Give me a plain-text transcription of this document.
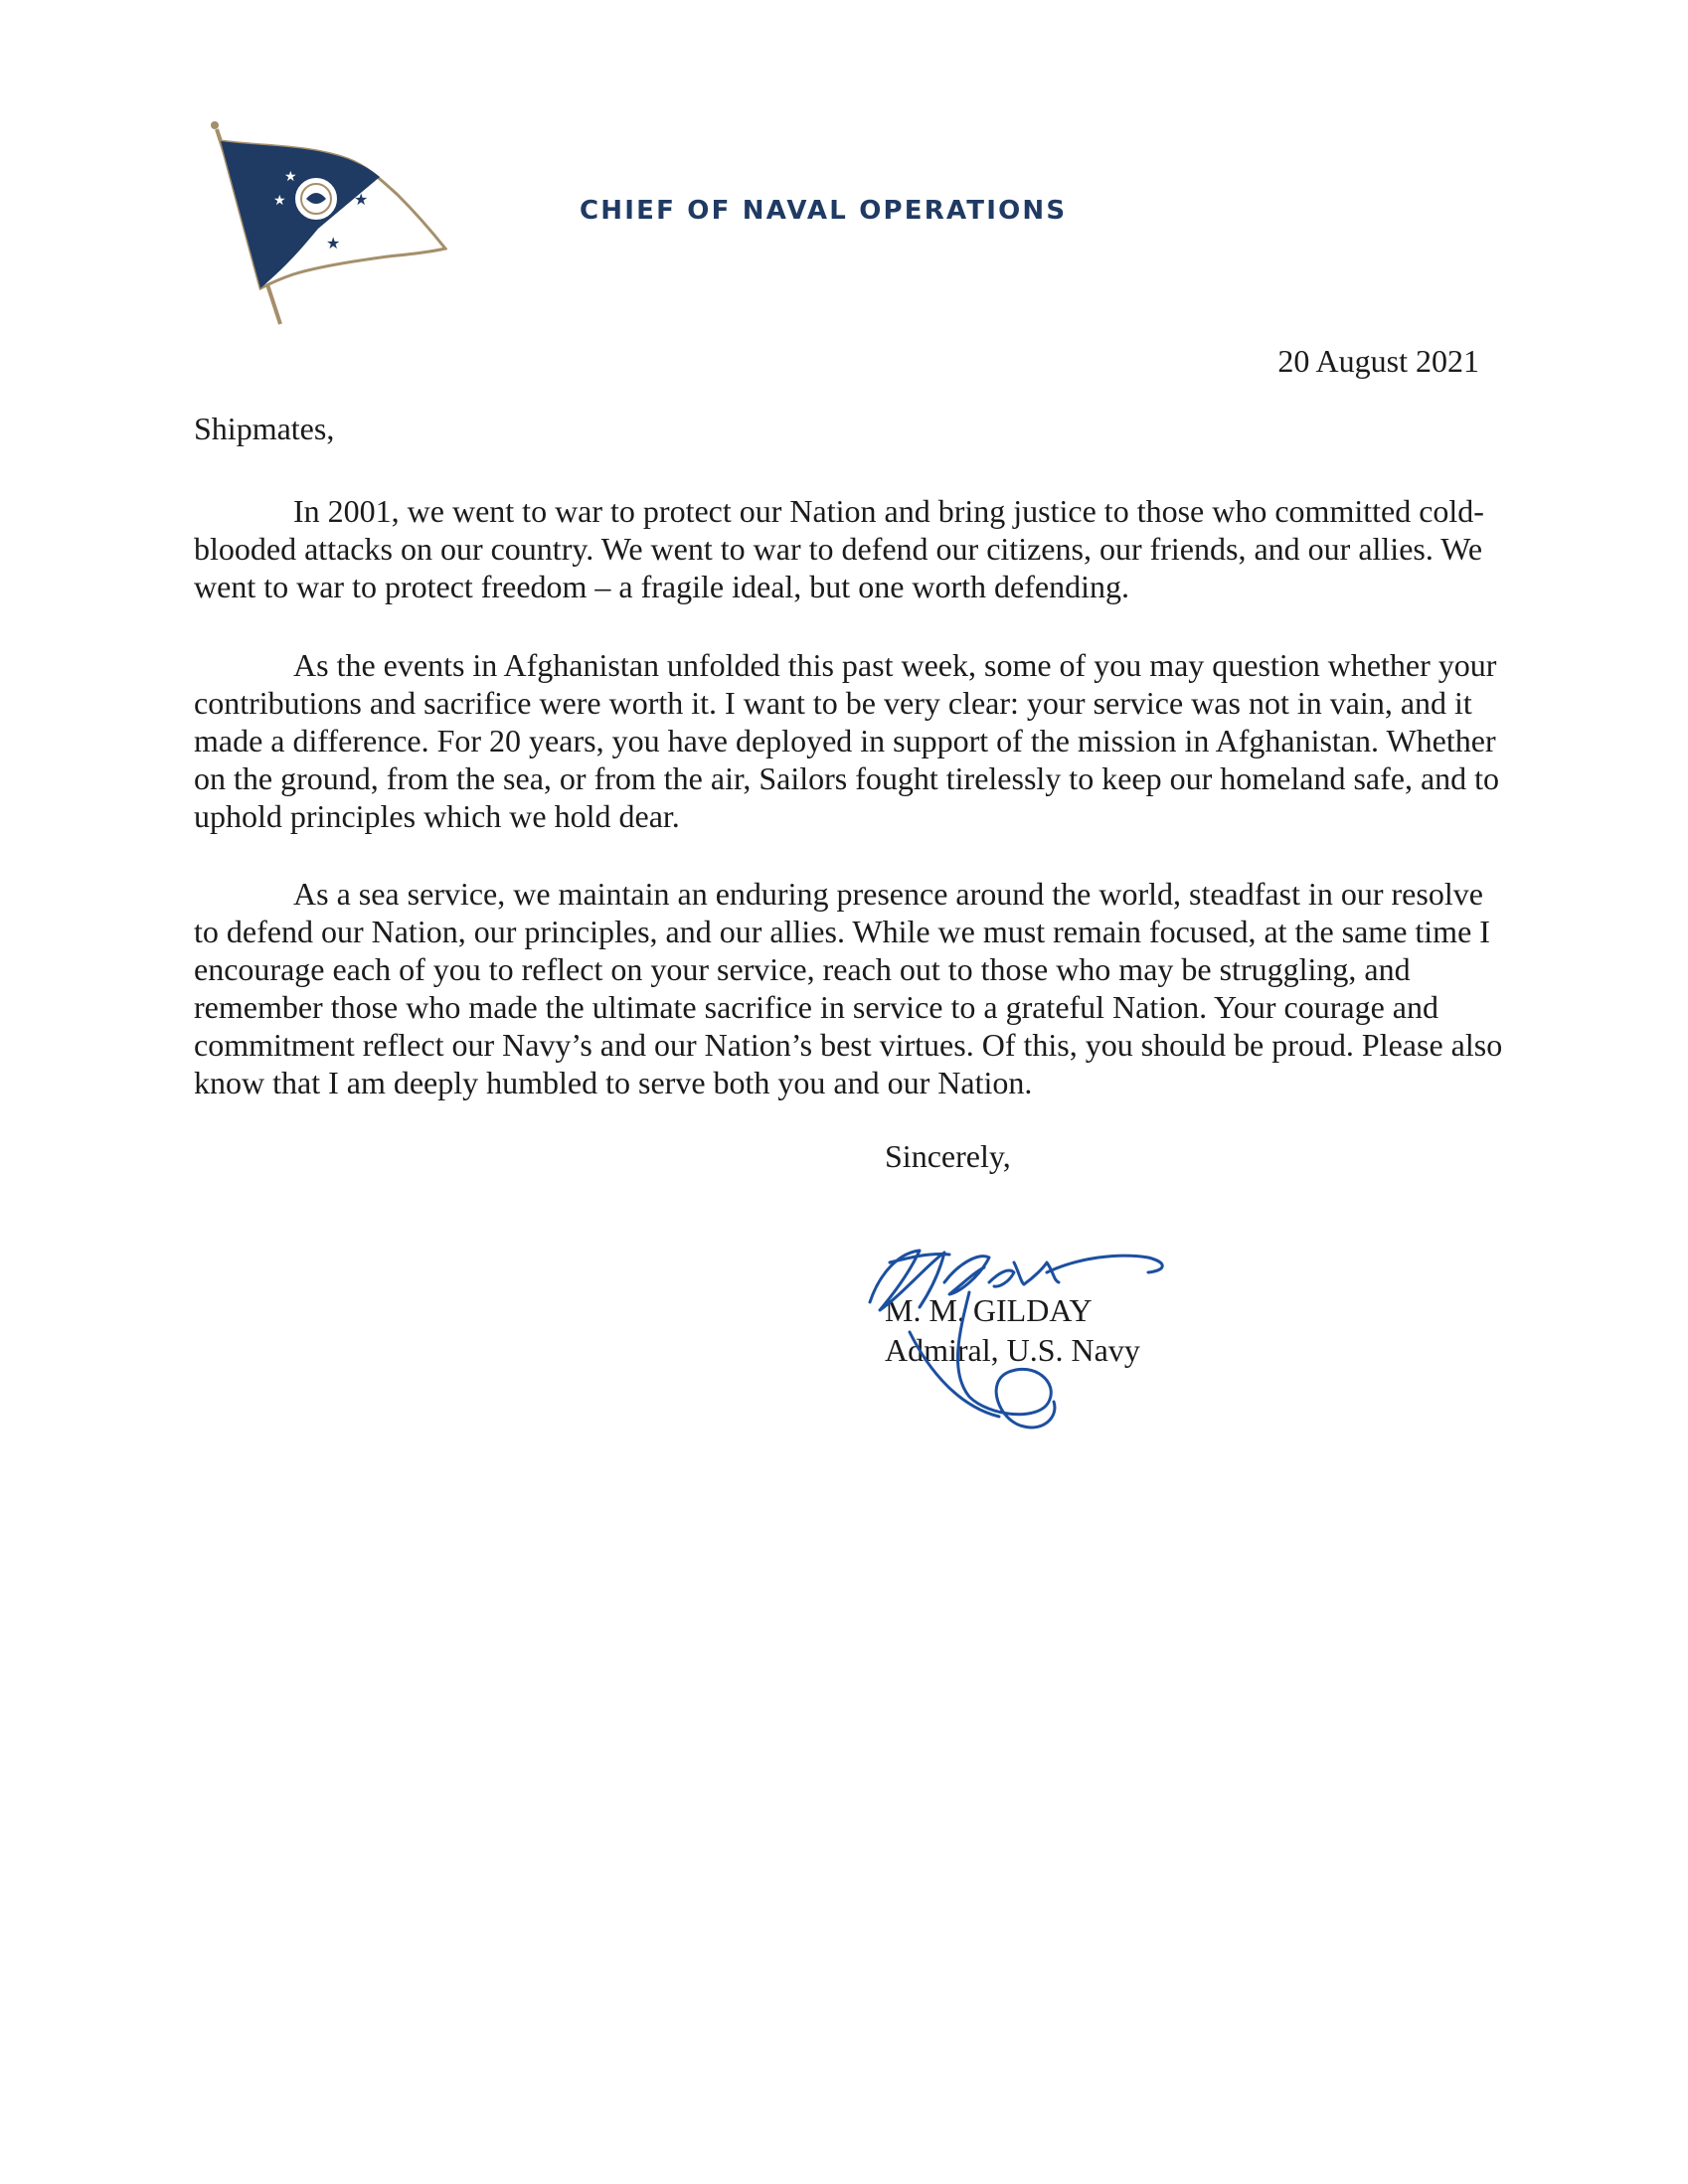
★
★
★
★
CHIEF OF NAVAL OPERATIONS
20 August 2021
Shipmates,

In 2001, we went to war to protect our Nation and bring justice to those who committed cold-blooded attacks on our country. We went to war to defend our citizens, our friends, and our allies. We went to war to protect freedom – a fragile ideal, but one worth defending.

As the events in Afghanistan unfolded this past week, some of you may question whether your contributions and sacrifice were worth it. I want to be very clear: your service was not in vain, and it made a difference. For 20 years, you have deployed in support of the mission in Afghanistan. Whether on the ground, from the sea, or from the air, Sailors fought tirelessly to keep our homeland safe, and to uphold principles which we hold dear.

As a sea service, we maintain an enduring presence around the world, steadfast in our resolve to defend our Nation, our principles, and our allies. While we must remain focused, at the same time I encourage each of you to reflect on your service, reach out to those who may be struggling, and remember those who made the ultimate sacrifice in service to a grateful Nation. Your courage and commitment reflect our Navy’s and our Nation’s best virtues. Of this, you should be proud. Please also know that I am deeply humbled to serve both you and our Nation.

Sincerely,
M. M. GILDAY
Admiral, U.S. Navy
